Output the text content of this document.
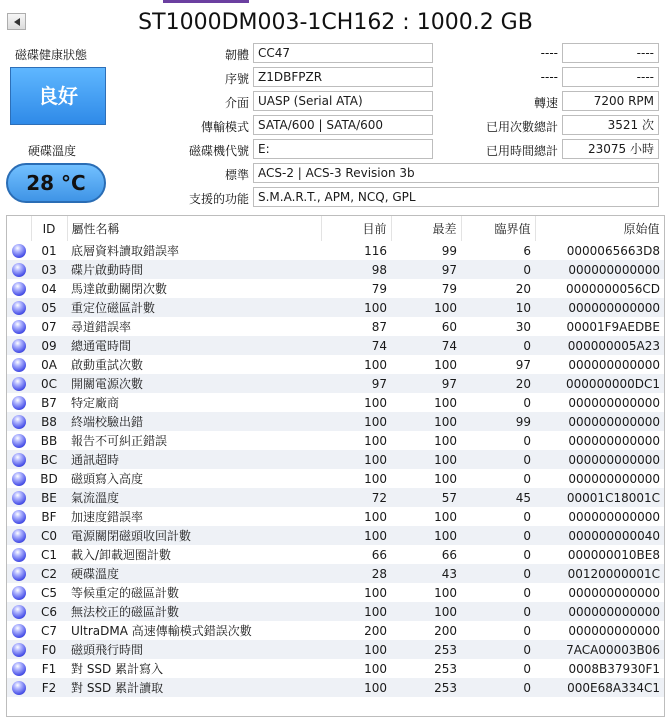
ST1000DM003-1CH162 : 1000.2 GB
磁碟健康狀態
良好
硬碟溫度
28 °C
韌體 CC47
序號 Z1DBFPZR
介面 UASP (Serial ATA)
傳輸模式 SATA/600 | SATA/600
磁碟機代號 E:
標準 ACS-2 | ACS-3 Revision 3b
支援的功能 S.M.A.R.T., APM, NCQ, GPL
----	----
----	----
轉速	7200 RPM
已用次數總計	3521 次
已用時間總計	23075 小時
	ID	屬性名稱	目前	最差	臨界值	原始值
	01	底層資料讀取錯誤率	116	99	6	0000065663D8
	03	碟片啟動時間	98	97	0	000000000000
	04	馬達啟動關閉次數	79	79	20	0000000056CD
	05	重定位磁區計數	100	100	10	000000000000
	07	尋道錯誤率	87	60	30	00001F9AEDBE
	09	總通電時間	74	74	0	000000005A23
	0A	啟動重試次數	100	100	97	000000000000
	0C	開關電源次數	97	97	20	000000000DC1
	B7	特定廠商	100	100	0	000000000000
	B8	終端校驗出錯	100	100	99	000000000000
	BB	報告不可糾正錯誤	100	100	0	000000000000
	BC	通訊超時	100	100	0	000000000000
	BD	磁頭寫入高度	100	100	0	000000000000
	BE	氣流溫度	72	57	45	00001C18001C
	BF	加速度錯誤率	100	100	0	000000000000
	C0	電源關閉磁頭收回計數	100	100	0	000000000040
	C1	載入/卸載迴圈計數	66	66	0	000000010BE8
	C2	硬碟溫度	28	43	0	00120000001C
	C5	等候重定的磁區計數	100	100	0	000000000000
	C6	無法校正的磁區計數	100	100	0	000000000000
	C7	UltraDMA 高速傳輸模式錯誤次數	200	200	0	000000000000
	F0	磁頭飛行時間	100	253	0	7ACA00003B06
	F1	對 SSD 累計寫入	100	253	0	0008B37930F1
	F2	對 SSD 累計讀取	100	253	0	000E68A334C1
